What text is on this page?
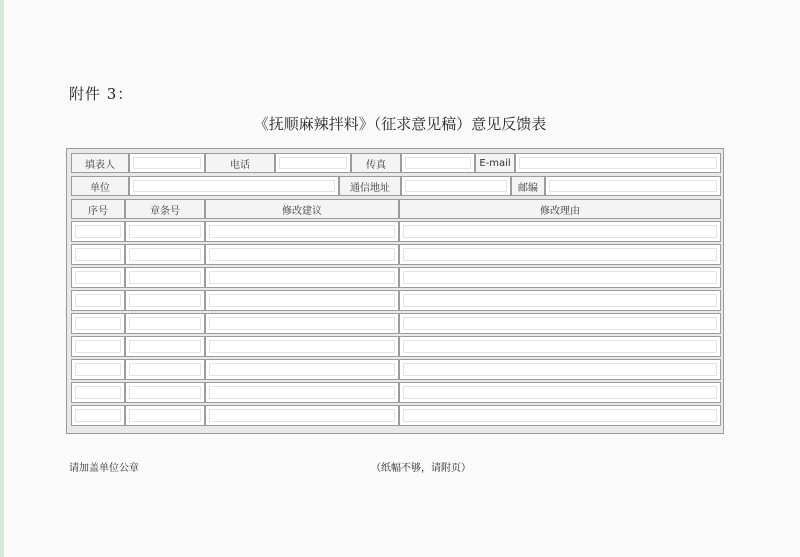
附件 3：
《抚顺麻辣拌料》（征求意见稿）意见反馈表
填表人	电话	传真	E-mail
单位	通信地址	邮编
序号	章条号	修改建议	修改理由
请加盖单位公章	（纸幅不够，请附页）
